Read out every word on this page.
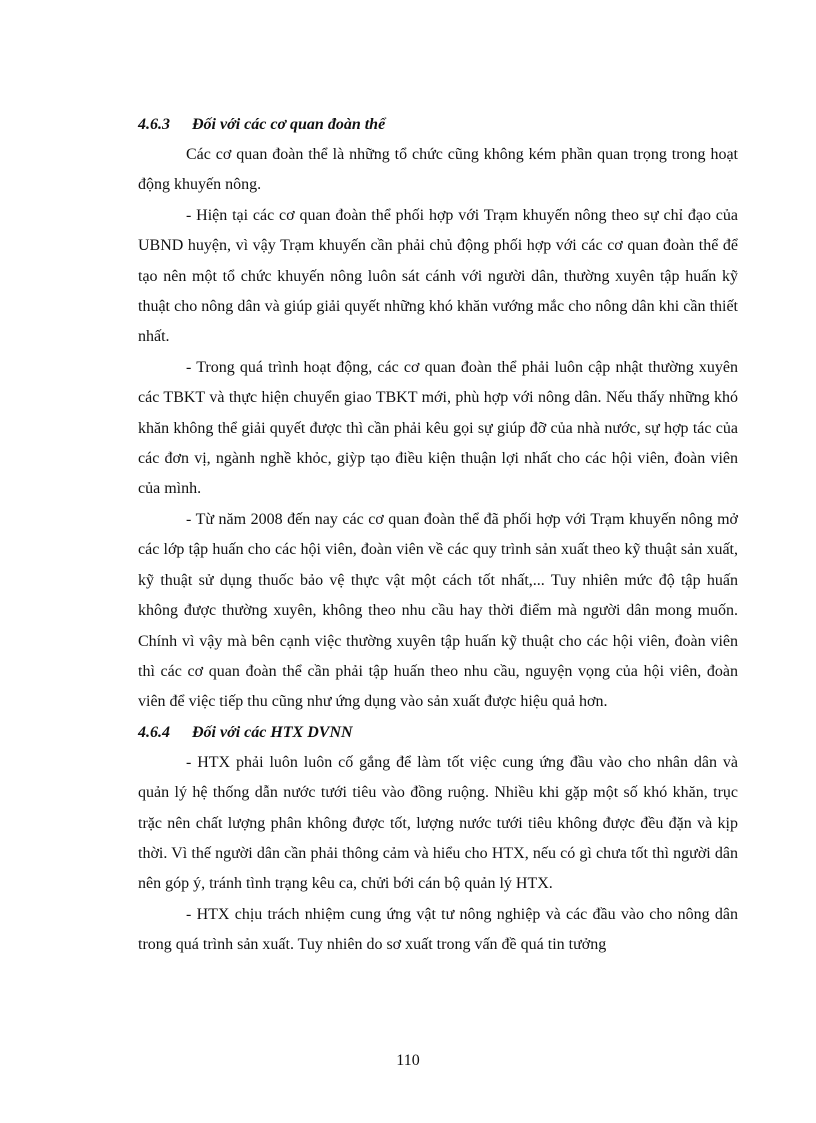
4.6.3 Đối với các cơ quan đoàn thể

Các cơ quan đoàn thể là những tổ chức cũng không kém phần quan trọng trong hoạt động khuyến nông.

- Hiện tại các cơ quan đoàn thể phối hợp với Trạm khuyến nông theo sự chỉ đạo của UBND huyện, vì vậy Trạm khuyến cần phải chủ động phối hợp với các cơ quan đoàn thể để tạo nên một tổ chức khuyến nông luôn sát cánh với người dân, thường xuyên tập huấn kỹ thuật cho nông dân và giúp giải quyết những khó khăn vướng mắc cho nông dân khi cần thiết nhất.

- Trong quá trình hoạt động, các cơ quan đoàn thể phải luôn cập nhật thường xuyên các TBKT và thực hiện chuyển giao TBKT mới, phù hợp với nông dân. Nếu thấy những khó khăn không thể giải quyết được thì cần phải kêu gọi sự giúp đỡ của nhà nước, sự hợp tác của các đơn vị, ngành nghề khỏc, giỳp tạo điều kiện thuận lợi nhất cho các hội viên, đoàn viên của mình.

- Từ năm 2008 đến nay các cơ quan đoàn thể đã phối hợp với Trạm khuyến nông mở các lớp tập huấn cho các hội viên, đoàn viên về các quy trình sản xuất theo kỹ thuật sản xuất, kỹ thuật sử dụng thuốc bảo vệ thực vật một cách tốt nhất,... Tuy nhiên mức độ tập huấn không được thường xuyên, không theo nhu cầu hay thời điểm mà người dân mong muốn. Chính vì vậy mà bên cạnh việc thường xuyên tập huấn kỹ thuật cho các hội viên, đoàn viên thì các cơ quan đoàn thể cần phải tập huấn theo nhu cầu, nguyện vọng của hội viên, đoàn viên để việc tiếp thu cũng như ứng dụng vào sản xuất được hiệu quả hơn.

4.6.4 Đối với các HTX DVNN

- HTX phải luôn luôn cố gắng để làm tốt việc cung ứng đầu vào cho nhân dân và quản lý hệ thống dẫn nước tưới tiêu vào đồng ruộng. Nhiều khi gặp một số khó khăn, trục trặc nên chất lượng phân không được tốt, lượng nước tưới tiêu không được đều đặn và kịp thời. Vì thế người dân cần phải thông cảm và hiểu cho HTX, nếu có gì chưa tốt thì người dân nên góp ý, tránh tình trạng kêu ca, chửi bới cán bộ quản lý HTX.

- HTX chịu trách nhiệm cung ứng vật tư nông nghiệp và các đầu vào cho nông dân trong quá trình sản xuất. Tuy nhiên do sơ xuất trong vấn đề quá tin tưởng

110
